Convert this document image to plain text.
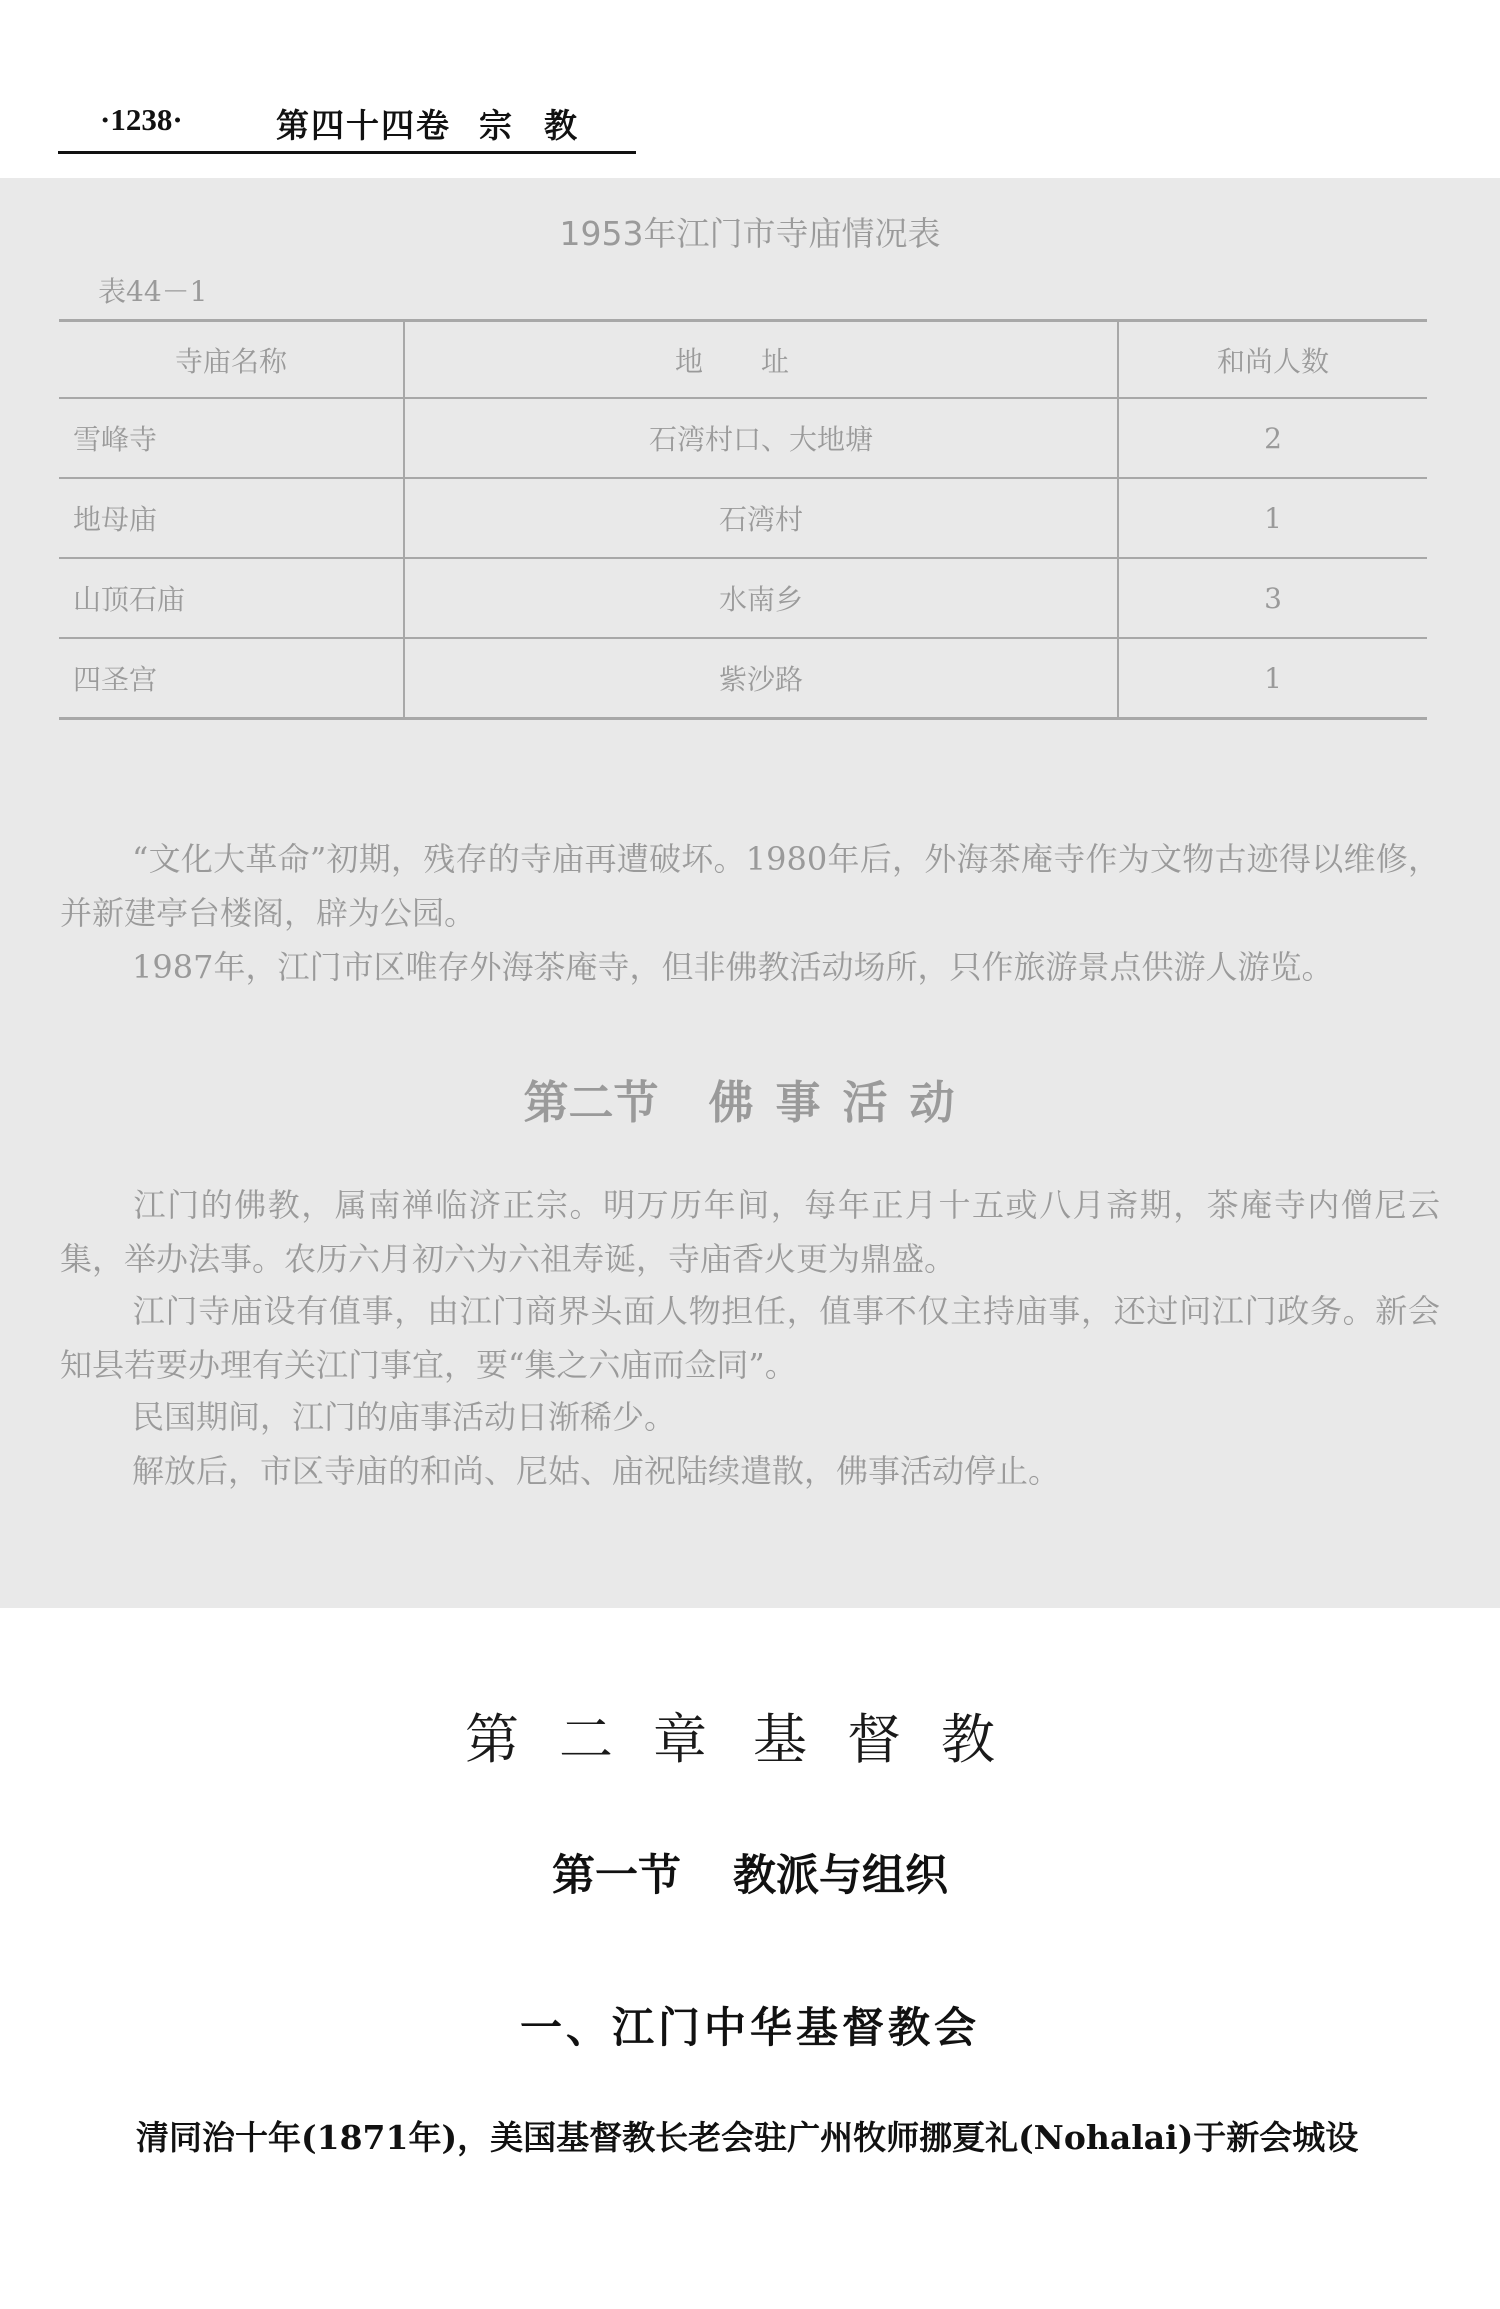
·1238·	第四十四卷 宗 教
1953年江门市寺庙情况表
表44－1
寺庙名称	地址	和尚人数
雪峰寺	石湾村口、大地塘	2
地母庙	石湾村	1
山顶石庙	水南乡	3
四圣宫	紫沙路	1

“文化大革命”初期，残存的寺庙再遭破坏。1980年后，外海茶庵寺作为文物古迹得以维修，并新建亭台楼阁，辟为公园。

1987年，江门市区唯存外海茶庵寺，但非佛教活动场所，只作旅游景点供游人游览。

第二节 佛事活动

江门的佛教，属南禅临济正宗。明万历年间，每年正月十五或八月斋期，茶庵寺内僧尼云集，举办法事。农历六月初六为六祖寿诞，寺庙香火更为鼎盛。

江门寺庙设有值事，由江门商界头面人物担任，值事不仅主持庙事，还过问江门政务。新会知县若要办理有关江门事宜，要“集之六庙而佥同”。

民国期间，江门的庙事活动日渐稀少。

解放后，市区寺庙的和尚、尼姑、庙祝陆续遣散，佛事活动停止。

第二章 基督教
第一节 教派与组织
一、江门中华基督教会
清同治十年(1871年)，美国基督教长老会驻广州牧师挪夏礼(Nohalai)于新会城设
